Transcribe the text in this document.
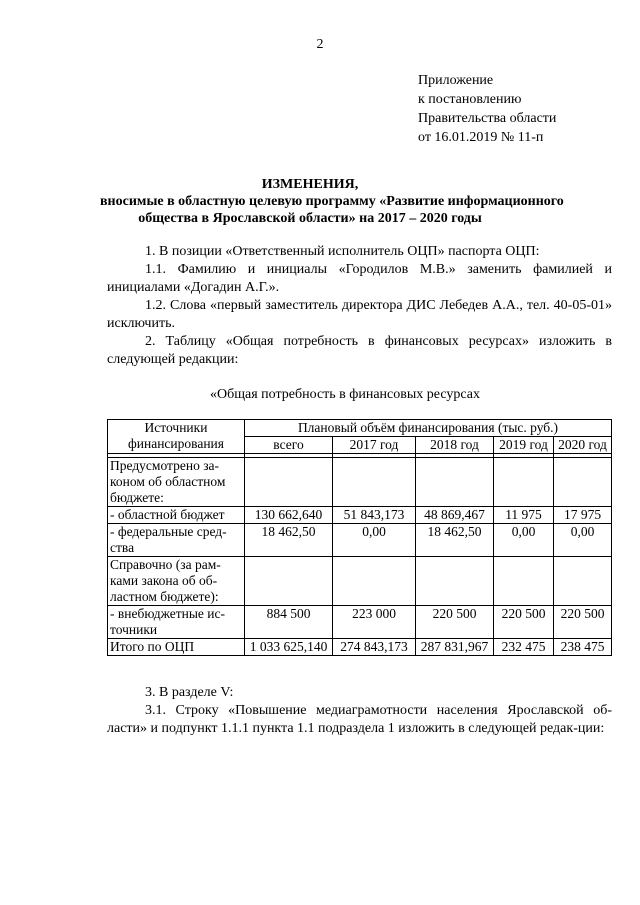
2
Приложение
к постановлению
Правительства области
от 16.01.2019 № 11-п
ИЗМЕНЕНИЯ,
вносимые в областную целевую программу «Развитие информационного
общества в Ярославской области» на 2017 – 2020 годы

1. В позиции «Ответственный исполнитель ОЦП» паспорта ОЦП:

1.1. Фамилию и инициалы «Городилов М.В.» заменить фамилией и инициалами «Догадин А.Г.».

1.2. Слова «первый заместитель директора ДИС Лебедев А.А., тел. 40-05-01» исключить.

2. Таблицу «Общая потребность в финансовых ресурсах» изложить в следующей редакции:

«Общая потребность в финансовых ресурсах
Источники финансирования	Плановый объём финансирования (тыс. руб.)				
	всего	2017 год	2018 год	2019 год	2020 год

Предусмотрено за-коном об областном бюджете:					
- областной бюджет	130 662,640	51 843,173	48 869,467	11 975	17 975
- федеральные сред-ства	18 462,50	0,00	18 462,50	0,00	0,00
Справочно (за рам-ками закона об об-ластном бюджете):					
- внебюджетные ис-точники	884 500	223 000	220 500	220 500	220 500
Итого по ОЦП	1 033 625,140	274 843,173	287 831,967	232 475	238 475

3. В разделе V:

3.1. Строку «Повышение медиаграмотности населения Ярославской об-ласти» и подпункт 1.1.1 пункта 1.1 подраздела 1 изложить в следующей редак-ции:
